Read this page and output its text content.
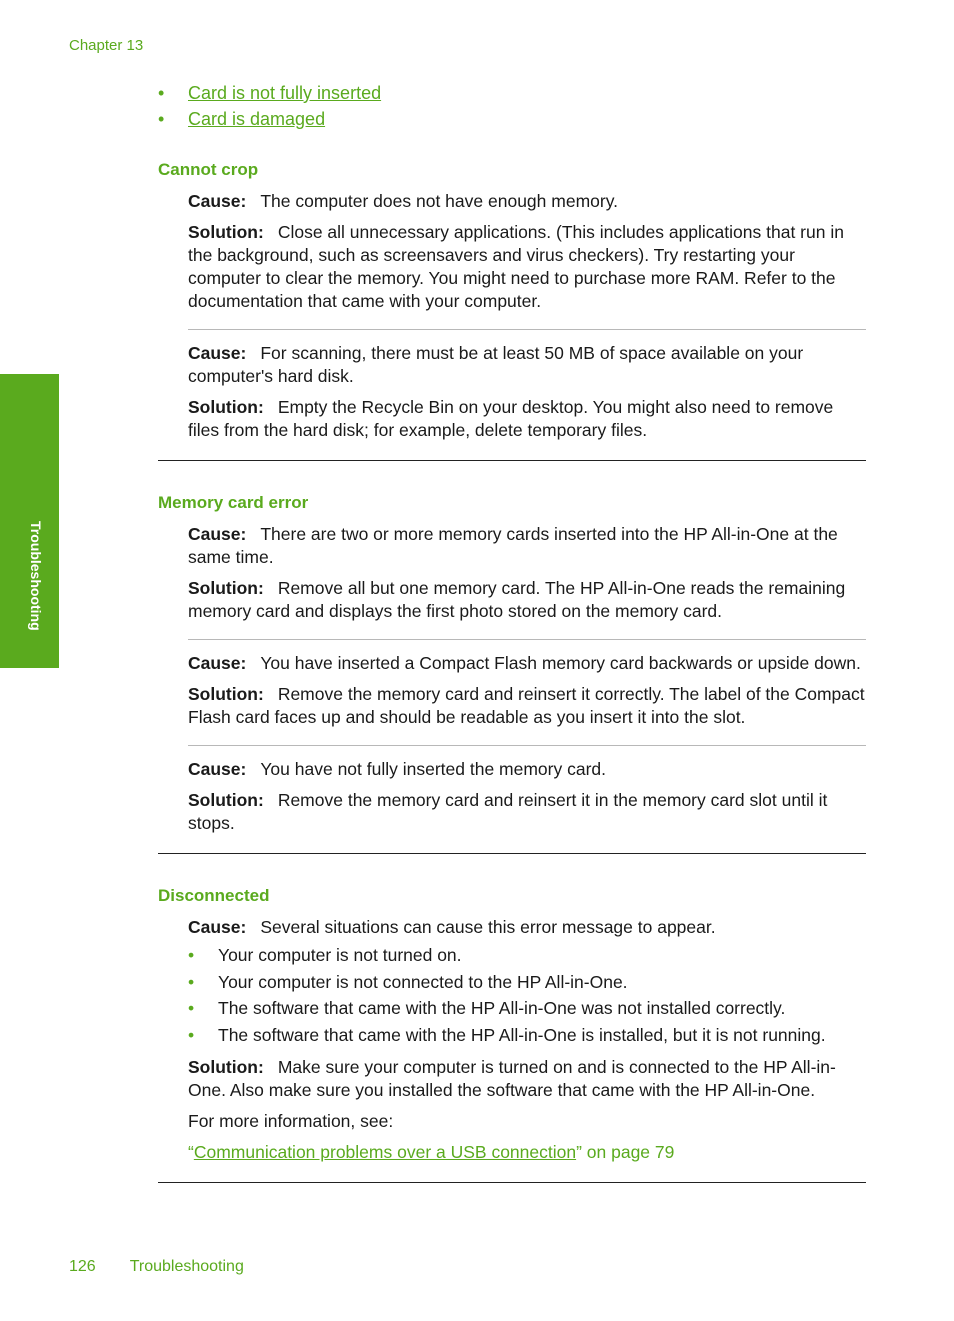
Chapter 13
Troubleshooting
• Card is not fully inserted
• Card is damaged
Cannot crop

Cause: The computer does not have enough memory.

Solution: Close all unnecessary applications. (This includes applications that run in the background, such as screensavers and virus checkers). Try restarting your computer to clear the memory. You might need to purchase more RAM. Refer to the documentation that came with your computer.

Cause: For scanning, there must be at least 50 MB of space available on your computer's hard disk.

Solution: Empty the Recycle Bin on your desktop. You might also need to remove files from the hard disk; for example, delete temporary files.

Memory card error

Cause: There are two or more memory cards inserted into the HP All-in-One at the same time.

Solution: Remove all but one memory card. The HP All-in-One reads the remaining memory card and displays the first photo stored on the memory card.

Cause: You have inserted a Compact Flash memory card backwards or upside down.

Solution: Remove the memory card and reinsert it correctly. The label of the Compact Flash card faces up and should be readable as you insert it into the slot.

Cause: You have not fully inserted the memory card.

Solution: Remove the memory card and reinsert it in the memory card slot until it stops.

Disconnected

Cause: Several situations can cause this error message to appear.

• Your computer is not turned on.
• Your computer is not connected to the HP All-in-One.
• The software that came with the HP All-in-One was not installed correctly.
• The software that came with the HP All-in-One is installed, but it is not running.

Solution: Make sure your computer is turned on and is connected to the HP All-in-One. Also make sure you installed the software that came with the HP All-in-One.

For more information, see:

“Communication problems over a USB connection” on page 79

126 Troubleshooting
